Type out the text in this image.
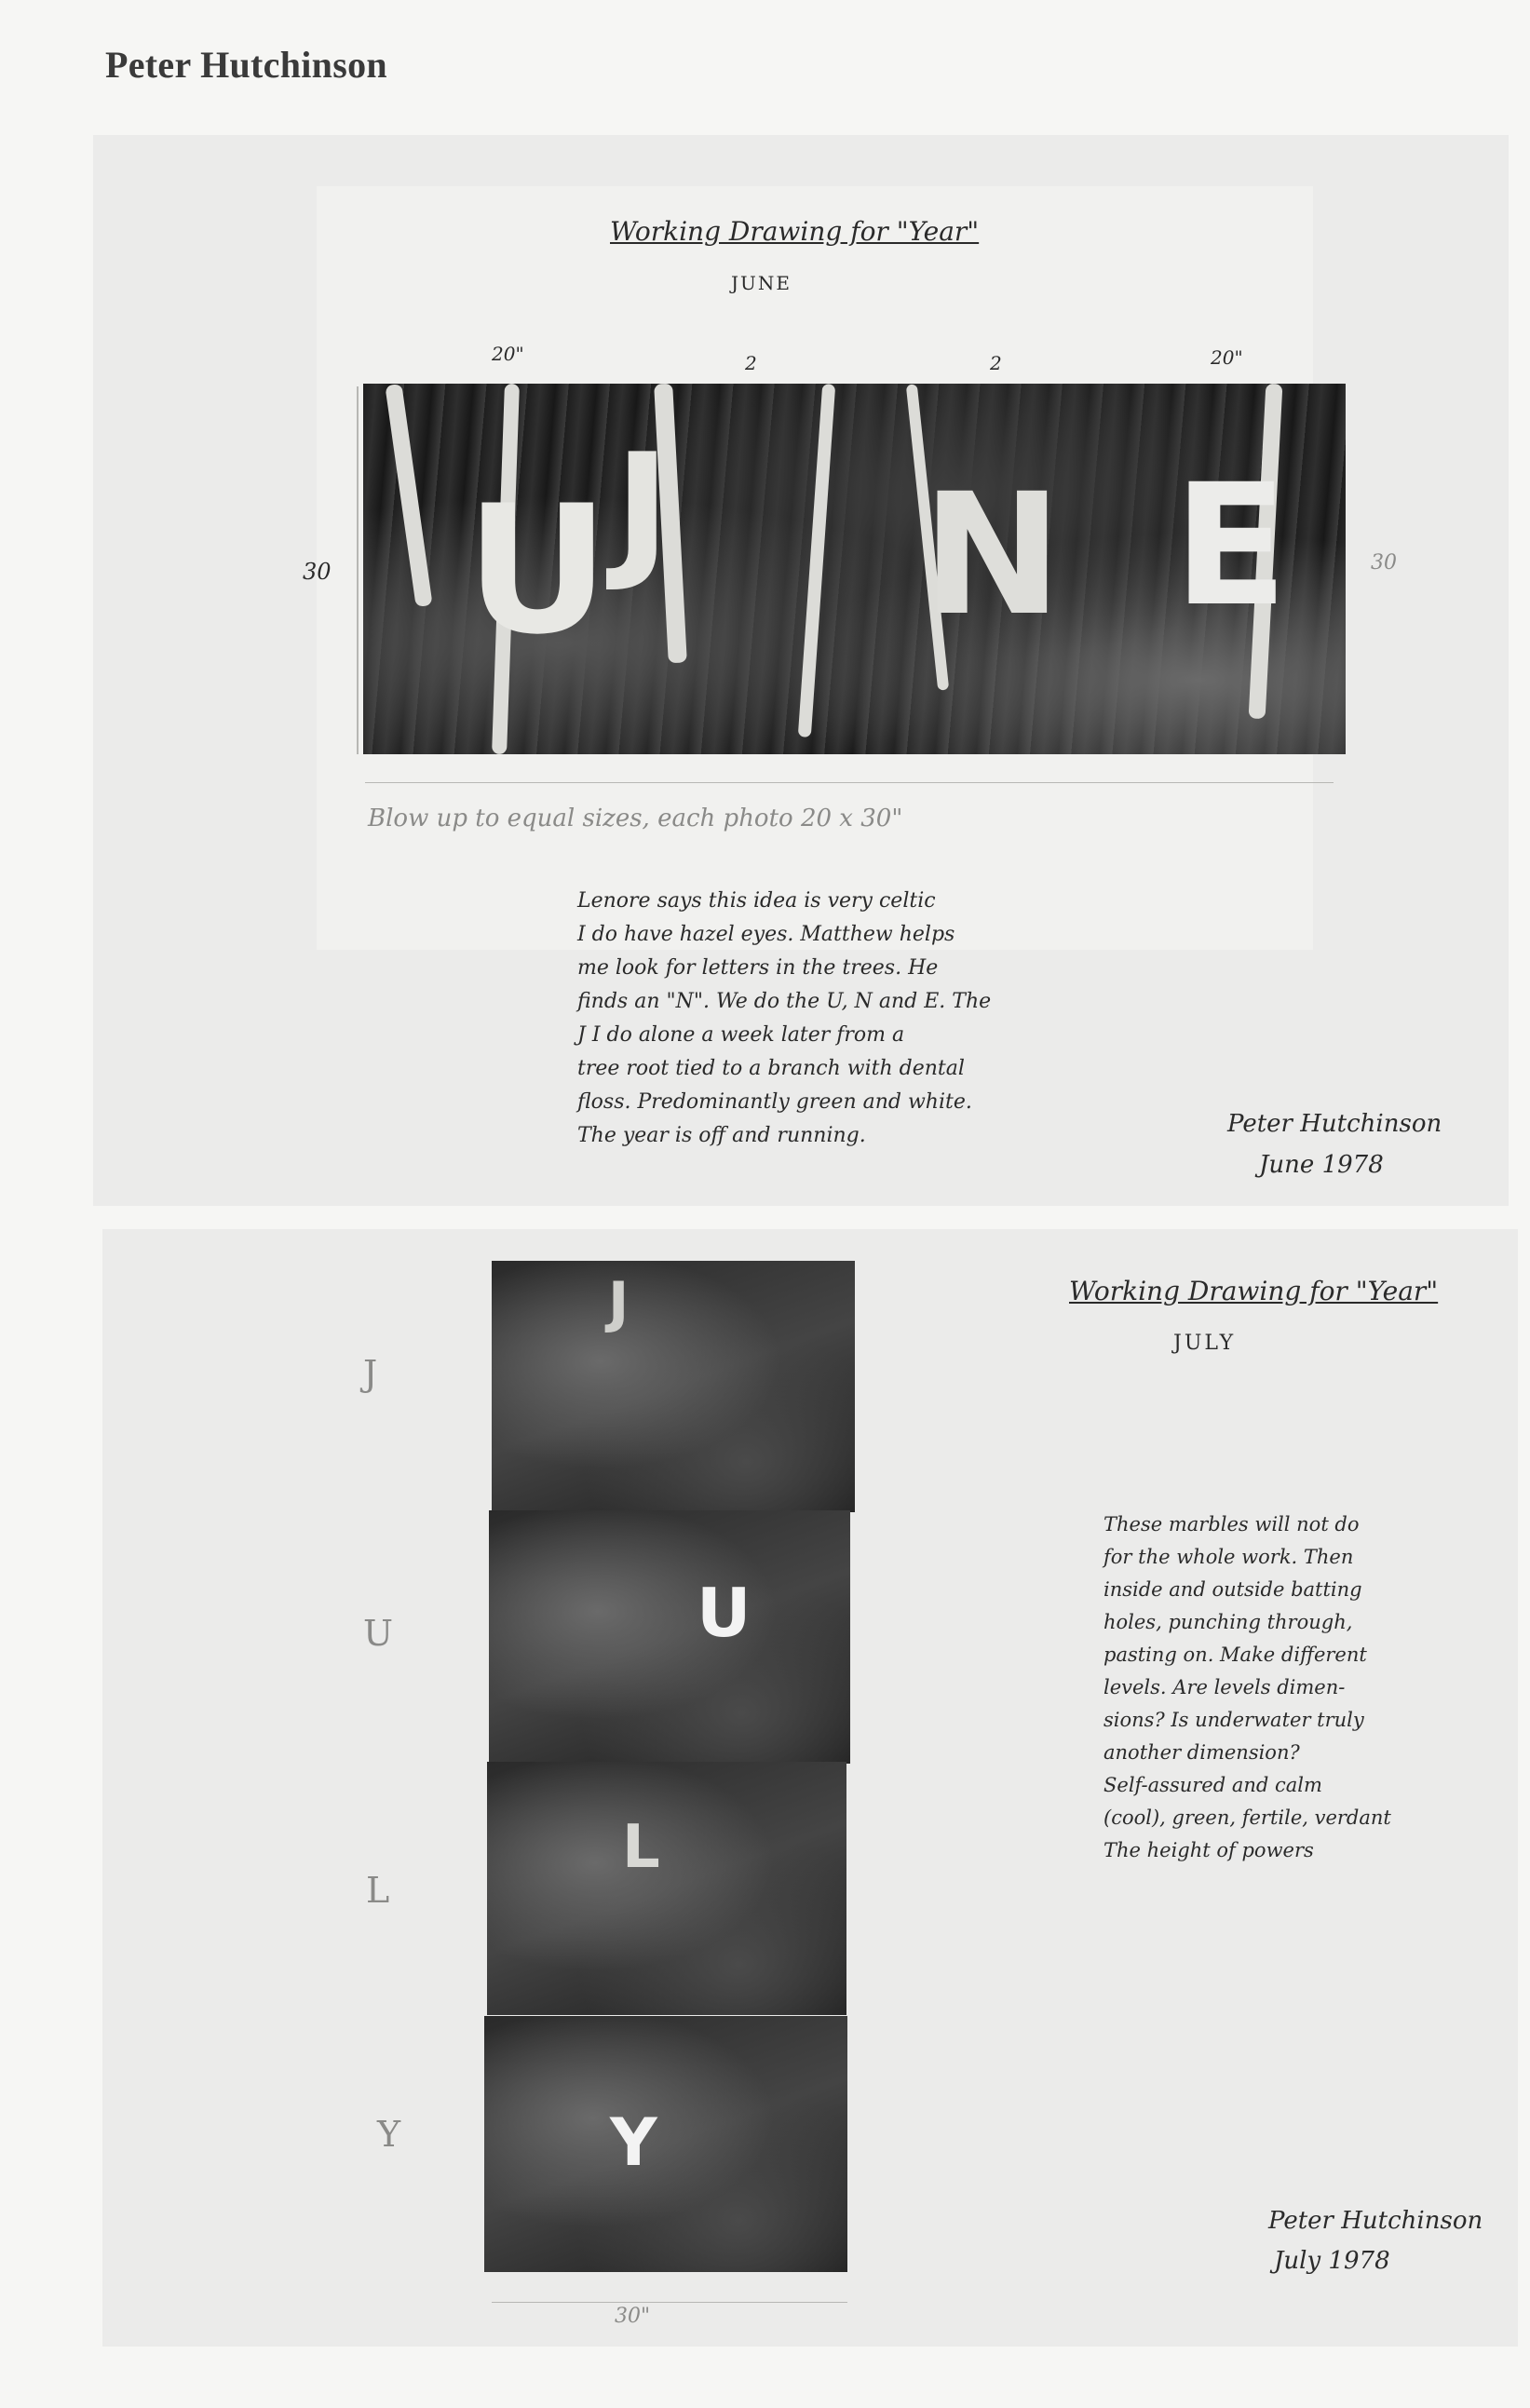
Peter Hutchinson
Working Drawing for "Year"
JUNE
20"	2	2	20"
30	30
J
U N E
Blow up to equal sizes, each photo 20 x 30"
Lenore says this idea is very celtic
I do have hazel eyes. Matthew helps
me look for letters in the trees. He
finds an "N". We do the U, N and E. The
J I do alone a week later from a
tree root tied to a branch with dental
floss. Predominantly green and white.
The year is off and running.	Peter Hutchinson
June 1978
Working Drawing for "Year"
JULY
J
U
L
Y
J
U
L
Y
30"
These marbles will not do
for the whole work. Then
inside and outside batting
holes, punching through,
pasting on. Make different
levels. Are levels dimen-
sions? Is underwater truly
another dimension?
Self-assured and calm
(cool), green, fertile, verdant
The height of powers
Peter Hutchinson
July 1978
